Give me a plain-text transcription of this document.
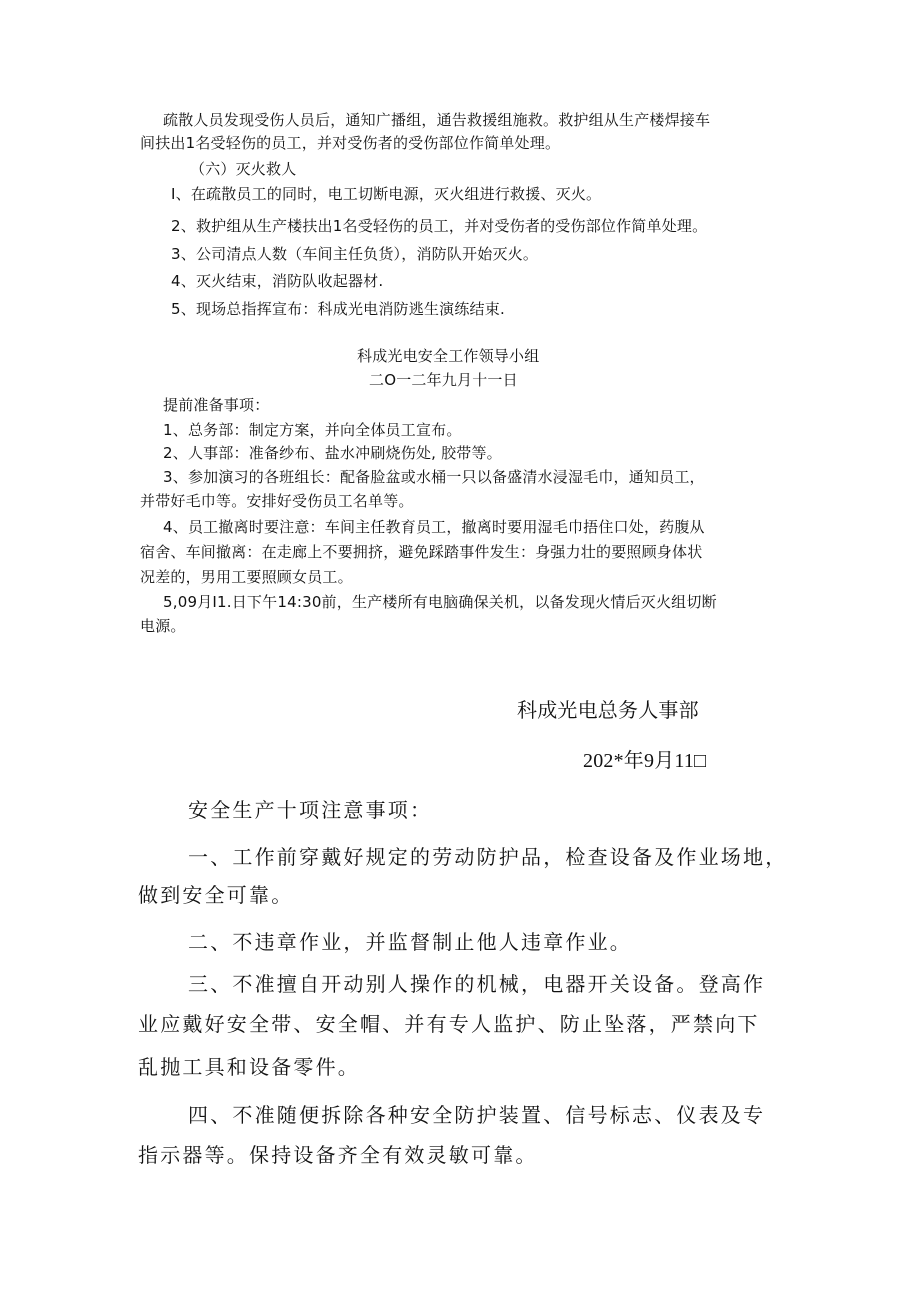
疏散人员发现受伤人员后，通知广播组，通告救援组施救。救护组从生产楼焊接车
间扶出1名受轻伤的员工，并对受伤者的受伤部位作简单处理。
（六）灭火救人
I、在疏散员工的同时，电工切断电源，灭火组进行救援、灭火。
2、救护组从生产楼扶出1名受轻伤的员工，并对受伤者的受伤部位作简单处理。
3、公司清点人数（车间主任负货），消防队开始灭火。
4、灭火结束，消防队收起器材.
5、现场总指挥宣布：科成光电消防逃生演练结束.
科成光电安全工作领导小组
二O一二年九月十一日
提前准备事项：
1、总务部：制定方案，并向全体员工宣布。
2、人事部：准备纱布、盐水冲刷烧伤处, 胶带等。
3、参加演习的各班组长：配备脸盆或水桶一只以备盛清水浸湿毛巾，通知员工，
并带好毛巾等。安排好受伤员工名单等。
4、员工撤离时要注意：车间主任教育员工，撤离时要用湿毛巾捂住口处，药腹从
宿舍、车间撤离：在走廊上不要拥挤，避免踩踏事件发生：身强力壮的要照顾身体状
况差的，男用工要照顾女员工。
5,09月I1.日下午14:30前，生产楼所有电脑确保关机，以备发现火情后灭火组切断
电源。
科成光电总务人事部
202*年9月11□
安全生产十项注意事项：
一、工作前穿戴好规定的劳动防护品，检查设备及作业场地，
做到安全可靠。
二、不违章作业，并监督制止他人违章作业。
三、不准擅自开动别人操作的机械，电器开关设备。登高作
业应戴好安全带、安全帽、并有专人监护、防止坠落，严禁向下
乱抛工具和设备零件。
四、不准随便拆除各种安全防护装置、信号标志、仪表及专
指示器等。保持设备齐全有效灵敏可靠。
